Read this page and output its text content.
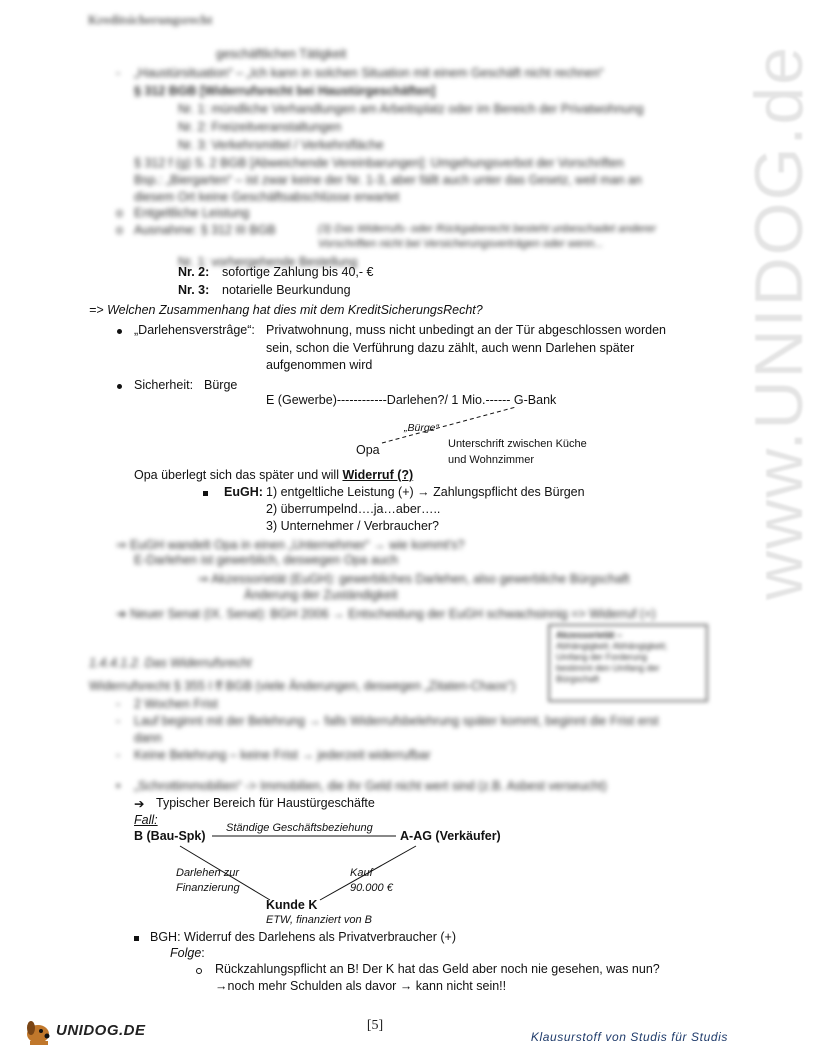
www.UNIDOG.de
Kreditsicherungsrecht
geschäftlichen Tätigkeit
- „Haustürsituation“ – „Ich kann in solchen Situation mit einem Geschäft nicht rechnen“
§ 312 BGB [Widerrufsrecht bei Haustürgeschäften]
Nr. 1: mündliche Verhandlungen am Arbeitsplatz oder im Bereich der Privatwohnung
Nr. 2: Freizeitveranstaltungen
Nr. 3: Verkehrsmittel / Verkehrsfläche
§ 312 f (g) S. 2 BGB [Abweichende Vereinbarungen]: Umgehungsverbot der Vorschriften
Bsp.: „Biergarten“ – ist zwar keine der Nr. 1-3, aber fällt auch unter das Gesetz, weil man an
diesem Ort keine Geschäftsabschlüsse erwartet
o Entgeltliche Leistung
o Ausnahme: § 312 III BGB	(3) Das Widerrufs- oder Rückgaberecht besteht unbeschadet anderer
Vorschriften nicht bei Versicherungsverträgen oder wenn...
Nr. 1: vorhergehende Bestellung
Nr. 2: sofortige Zahlung bis 40,- €
Nr. 3: notarielle Beurkundung
=> Welchen Zusammenhang hat dies mit dem KreditSicherungsRecht?
„Darlehensverstrâge“: Privatwohnung, muss nicht unbedingt an der Tür abgeschlossen worden
sein, schon die Verführung dazu zählt, auch wenn Darlehen später
aufgenommen wird
Sicherheit: Bürge
E (Gewerbe)------------Darlehen?/ 1 Mio.------ G-Bank
„Bürge“
Opa	Unterschrift zwischen Küche
und Wohnzimmer
Opa überlegt sich das später und will Widerruf (?)
EuGH: 1) entgeltliche Leistung (+) → Zahlungspflicht des Bürgen
2) überrumpelnd….ja…aber…..
3) Unternehmer / Verbraucher?
⇒ EuGH wandelt Opa in einen „Unternehmer“ → wie kommt's?
E-Darlehen ist gewerblich, deswegen Opa auch
⇒ Akzessorietät (EuGH): gewerbliches Darlehen, also gewerbliche Bürgschaft
Änderung der Zuständigkeit
➔ Neuer Senat (IX. Senat): BGH 2006 → Entscheidung der EuGH schwachsinnig => Widerruf (+)
Akzessorietät –
Abhängigkeit; Abhängigkeit;
Umfang der Forderung
bestimmt den Umfang der
Bürgschaft
1.4.4.1.2. Das Widerrufsrecht
Widerrufsrecht § 355 I ff BGB (viele Änderungen, deswegen „Zitaten-Chaos“)
- 2 Wochen Frist
- Lauf beginnt mit der Belehrung → falls Widerrufsbelehrung später kommt, beginnt die Frist erst
dann
- Keine Belehrung – keine Frist → jederzeit widerrufbar
• „Schrottimmobilien“ -> Immobilien, die ihr Geld nicht wert sind (z.B. Asbest verseucht)
➔ Typischer Bereich für Haustürgeschäfte
Fall:
B (Bau-Spk)
Ständige Geschäftsbeziehung
A-AG (Verkäufer)
Darlehen zur
Finanzierung
Kauf
90.000 €
Kunde K
ETW, finanziert von B
BGH: Widerruf des Darlehens als Privatverbraucher (+)
Folge:
Rückzahlungspflicht an B! Der K hat das Geld aber noch nie gesehen, was nun?
→noch mehr Schulden als davor → kann nicht sein!!
UNIDOG.DE	[5]
Klausurstoff von Studis für Studis
